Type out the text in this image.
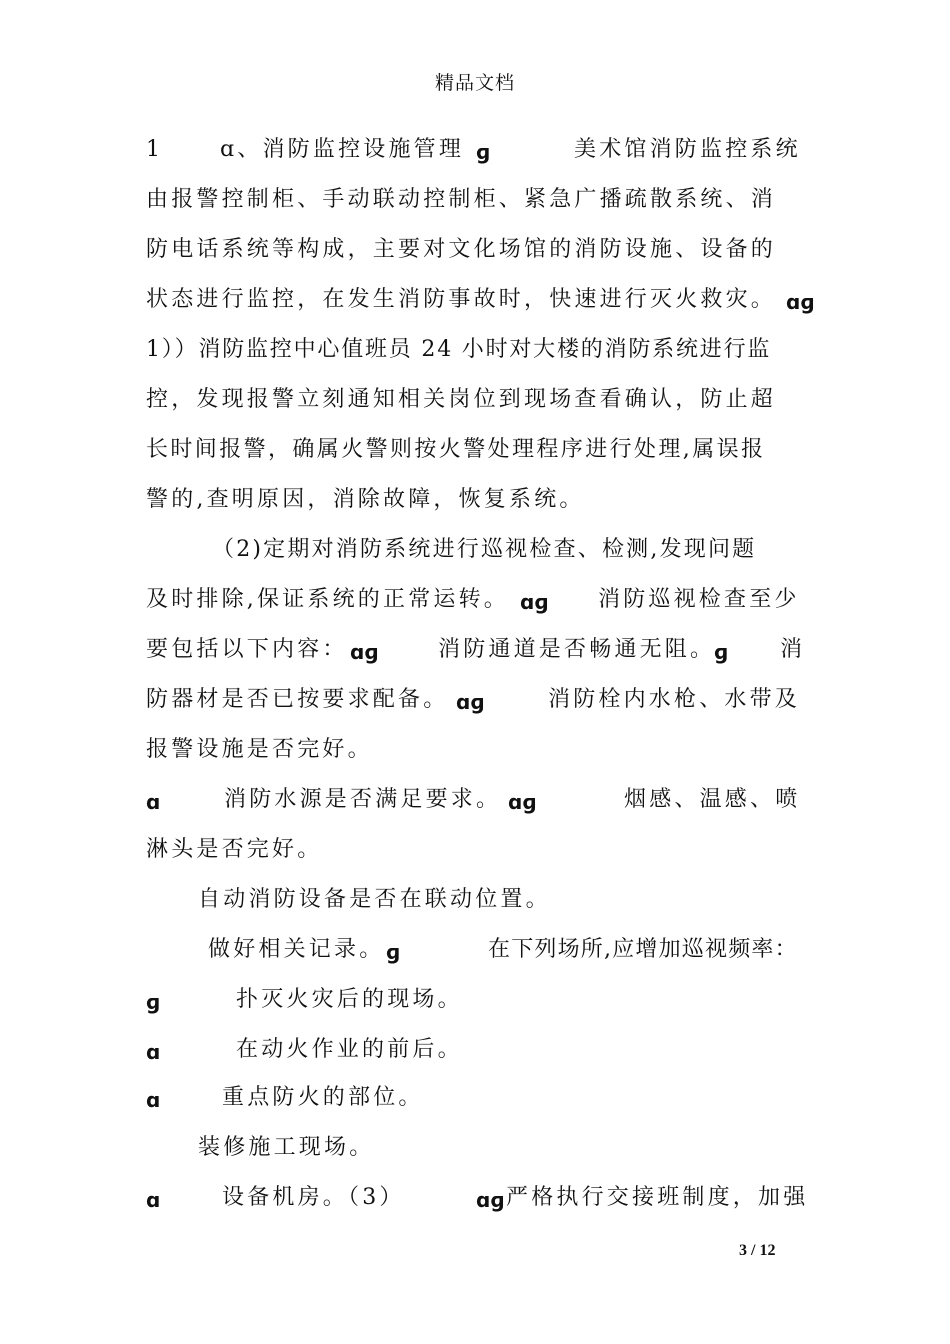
精品文档
1	ɑ、消防监控设施管理 ɡ	美术馆消防监控系统
由报警控制柜、手动联动控制柜、紧急广播疏散系统、消
防电话系统等构成，主要对文化场馆的消防设施、设备的
状态进行监控，在发生消防事故时，快速进行灭火救灾。 ɑɡ
1））消防监控中心值班员 24 小时对大楼的消防系统进行监
控，发现报警立刻通知相关岗位到现场查看确认，防止超
长时间报警，确属火警则按火警处理程序进行处理,属误报
警的,查明原因，消除故障，恢复系统。
（2)定期对消防系统进行巡视检查、检测,发现问题
及时排除,保证系统的正常运转。 ɑɡ 消防巡视检查至少
要包括以下内容： ɑɡ	消防通道是否畅通无阻。
ɡ 消
防器材是否已按要求配备。 ɑɡ	消防栓内水枪、水带及
报警设施是否完好。
ɑ	消防水源是否满足要求。 ɑɡ	烟感、温感、喷
淋头是否完好。
自动消防设备是否在联动位置。
做好相关记录。 ɡ	在下列场所,应增加巡视频率：
ɡ	扑灭火灾后的现场。
ɑ	在动火作业的前后。
ɑ	重点防火的部位。
装修施工现场。
ɑ	设备机房。（3）	ɑɡ 严格执行交接班制度，加强
3 / 12
